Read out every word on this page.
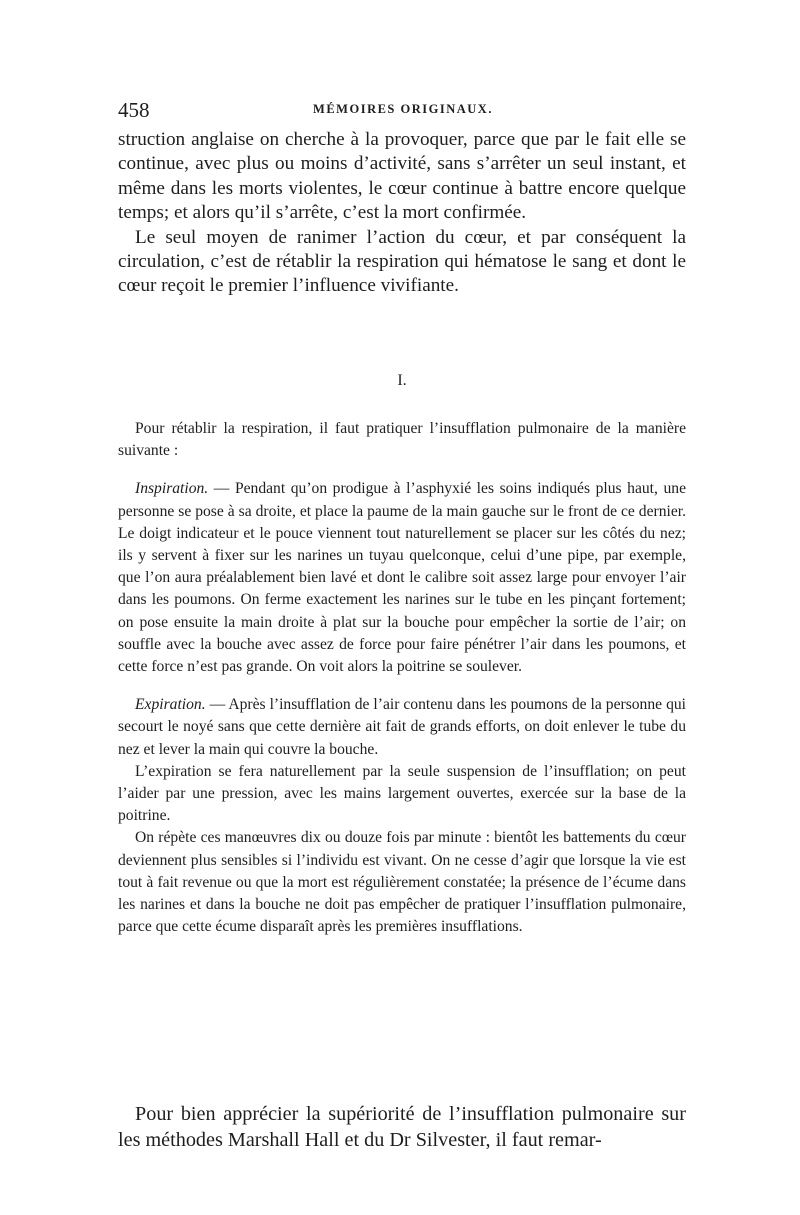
458	MÉMOIRES ORIGINAUX.

struction anglaise on cherche à la provoquer, parce que par le fait elle se continue, avec plus ou moins d’activité, sans s’arrêter un seul instant, et même dans les morts violentes, le cœur continue à battre encore quelque temps; et alors qu’il s’arrête, c’est la mort confirmée.

Le seul moyen de ranimer l’action du cœur, et par conséquent la circulation, c’est de rétablir la respiration qui hématose le sang et dont le cœur reçoit le premier l’influence vivifiante.

I.

Pour rétablir la respiration, il faut pratiquer l’insufflation pulmonaire de la manière suivante :

Inspiration. — Pendant qu’on prodigue à l’asphyxié les soins indiqués plus haut, une personne se pose à sa droite, et place la paume de la main gauche sur le front de ce dernier. Le doigt indicateur et le pouce viennent tout naturellement se placer sur les côtés du nez; ils y servent à fixer sur les narines un tuyau quelconque, celui d’une pipe, par exemple, que l’on aura préalablement bien lavé et dont le calibre soit assez large pour envoyer l’air dans les poumons. On ferme exactement les narines sur le tube en les pinçant fortement; on pose ensuite la main droite à plat sur la bouche pour empêcher la sortie de l’air; on souffle avec la bouche avec assez de force pour faire pénétrer l’air dans les poumons, et cette force n’est pas grande. On voit alors la poitrine se soulever.

Expiration. — Après l’insufflation de l’air contenu dans les poumons de la personne qui secourt le noyé sans que cette dernière ait fait de grands efforts, on doit enlever le tube du nez et lever la main qui couvre la bouche.

L’expiration se fera naturellement par la seule suspension de l’insufflation; on peut l’aider par une pression, avec les mains largement ouvertes, exercée sur la base de la poitrine.

On répète ces manœuvres dix ou douze fois par minute : bientôt les battements du cœur deviennent plus sensibles si l’individu est vivant. On ne cesse d’agir que lorsque la vie est tout à fait revenue ou que la mort est régulièrement constatée; la présence de l’écume dans les narines et dans la bouche ne doit pas empêcher de pratiquer l’insufflation pulmonaire, parce que cette écume disparaît après les premières insufflations.

Pour bien apprécier la supériorité de l’insufflation pulmonaire sur les méthodes Marshall Hall et du Dr Silvester, il faut remar-
